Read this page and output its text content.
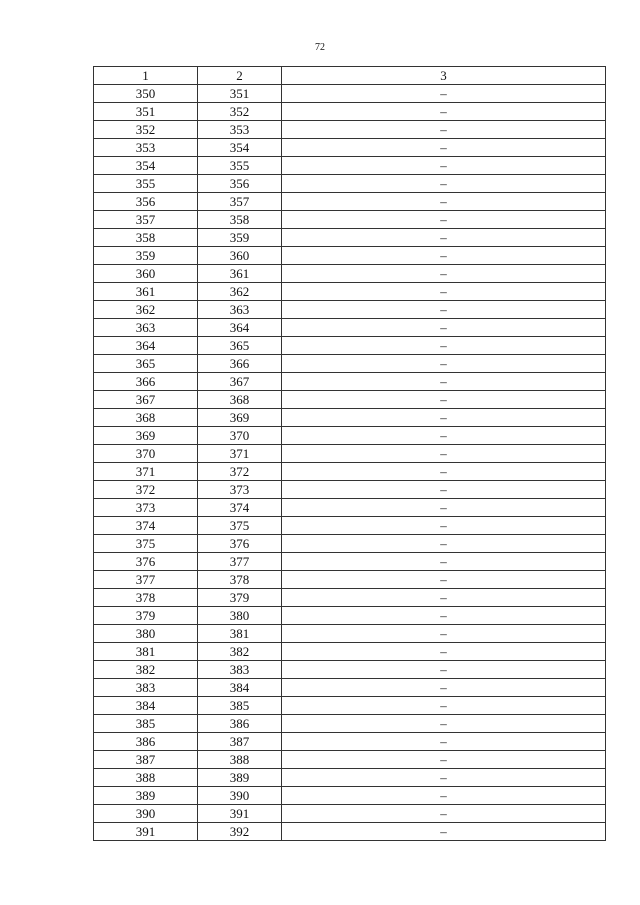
72
1	2	3
350	351	–
351	352	–
352	353	–
353	354	–
354	355	–
355	356	–
356	357	–
357	358	–
358	359	–
359	360	–
360	361	–
361	362	–
362	363	–
363	364	–
364	365	–
365	366	–
366	367	–
367	368	–
368	369	–
369	370	–
370	371	–
371	372	–
372	373	–
373	374	–
374	375	–
375	376	–
376	377	–
377	378	–
378	379	–
379	380	–
380	381	–
381	382	–
382	383	–
383	384	–
384	385	–
385	386	–
386	387	–
387	388	–
388	389	–
389	390	–
390	391	–
391	392	–
